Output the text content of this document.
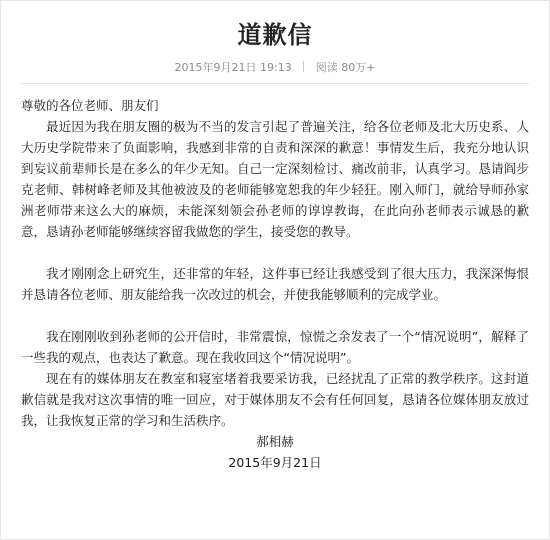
道歉信
2015年9月21日 19:13 阅读 80万+

尊敬的各位老师、朋友们

最近因为我在朋友圈的极为不当的发言引起了普遍关注，给各位老师及北大历史系、人大历史学院带来了负面影响，我感到非常的自责和深深的歉意！事情发生后，我充分地认识到妄议前辈师长是在多么的年少无知。自己一定深刻检讨、痛改前非，认真学习。恳请阎步克老师、韩树峰老师及其他被波及的老师能够宽恕我的年少轻狂。刚入师门，就给导师孙家洲老师带来这么大的麻烦，未能深刻领会孙老师的谆谆教诲，在此向孙老师表示诚恳的歉意，恳请孙老师能够继续容留我做您的学生，接受您的教导。

我才刚刚念上研究生，还非常的年轻，这件事已经让我感受到了很大压力，我深深悔恨并恳请各位老师、朋友能给我一次改过的机会，并使我能够顺利的完成学业。

我在刚刚收到孙老师的公开信时，非常震惊，惊慌之余发表了一个“情况说明”，解释了一些我的观点，也表达了歉意。现在我收回这个“情况说明”。

现在有的媒体朋友在教室和寝室堵着我要采访我，已经扰乱了正常的教学秩序。这封道歉信就是我对这次事情的唯一回应，对于媒体朋友不会有任何回复，恳请各位媒体朋友放过我，让我恢复正常的学习和生活秩序。

郝相赫

2015年9月21日
